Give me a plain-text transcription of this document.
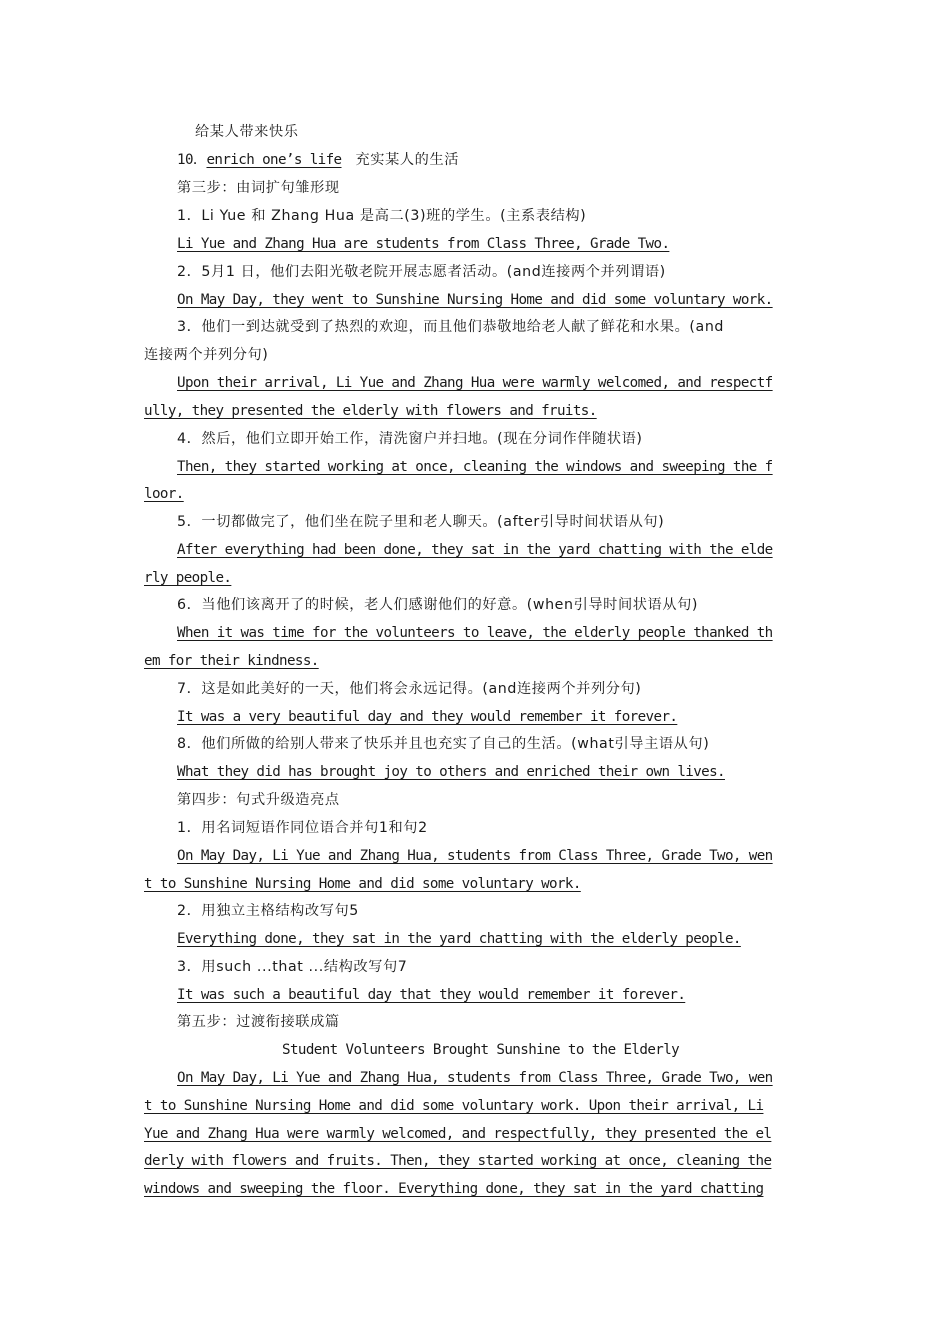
给某人带来快乐
10．enrich one’s life 充实某人的生活
第三步：由词扩句雏形现
1．Li Yue 和 Zhang Hua 是高二(3)班的学生。(主系表结构)
Li Yue and Zhang Hua are students from Class Three, Grade Two.
2．5月1 日，他们去阳光敬老院开展志愿者活动。(and连接两个并列谓语)
On May Day, they went to Sunshine Nursing Home and did some voluntary work.
3．他们一到达就受到了热烈的欢迎，而且他们恭敬地给老人献了鲜花和水果。(and
连接两个并列分句)
Upon their arrival, Li Yue and Zhang Hua were warmly welcomed, and respectf
ully, they presented the elderly with flowers and fruits.
4．然后，他们立即开始工作，清洗窗户并扫地。(现在分词作伴随状语)
Then, they started working at once, cleaning the windows and sweeping the f
loor.
5．一切都做完了，他们坐在院子里和老人聊天。(after引导时间状语从句)
After everything had been done, they sat in the yard chatting with the elde
rly people.
6．当他们该离开了的时候，老人们感谢他们的好意。(when引导时间状语从句)
When it was time for the volunteers to leave, the elderly people thanked th
em for their kindness.
7．这是如此美好的一天，他们将会永远记得。(and连接两个并列分句)
It was a very beautiful day and they would remember it forever.
8．他们所做的给别人带来了快乐并且也充实了自己的生活。(what引导主语从句)
What they did has brought joy to others and enriched their own lives.
第四步：句式升级造亮点
1．用名词短语作同位语合并句1和句2
On May Day, Li Yue and Zhang Hua, students from Class Three, Grade Two, wen
t to Sunshine Nursing Home and did some voluntary work.
2．用独立主格结构改写句5
Everything done, they sat in the yard chatting with the elderly people.
3．用such ...that ...结构改写句7
It was such a beautiful day that they would remember it forever.
第五步：过渡衔接联成篇
Student Volunteers Brought Sunshine to the Elderly
On May Day, Li Yue and Zhang Hua, students from Class Three, Grade Two, wen
t to Sunshine Nursing Home and did some voluntary work. Upon their arrival, Li
Yue and Zhang Hua were warmly welcomed, and respectfully, they presented the el
derly with flowers and fruits. Then, they started working at once, cleaning the
windows and sweeping the floor. Everything done, they sat in the yard chatting
